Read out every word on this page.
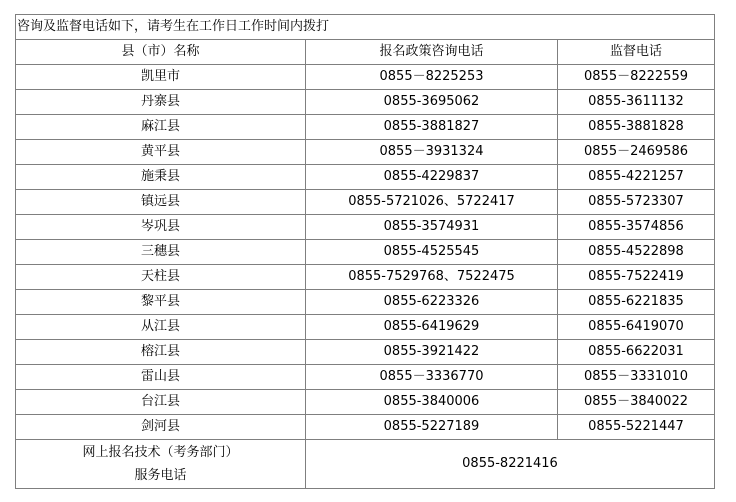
咨询及监督电话如下，请考生在工作日工作时间内拨打		
县（市）名称	报名政策咨询电话	监督电话
凯里市	0855－8225253	0855－8222559
丹寨县	0855-3695062	0855-3611132
麻江县	0855-3881827	0855-3881828
黄平县	0855－3931324	0855－2469586
施秉县	0855-4229837	0855-4221257
镇远县	0855-5721026、5722417	0855-5723307
岑巩县	0855-3574931	0855-3574856
三穗县	0855-4525545	0855-4522898
天柱县	0855-7529768、7522475	0855-7522419
黎平县	0855-6223326	0855-6221835
从江县	0855-6419629	0855-6419070
榕江县	0855-3921422	0855-6622031
雷山县	0855－3336770	0855－3331010
台江县	0855-3840006	0855－3840022
剑河县	0855-5227189	0855-5221447

网上报名技术（考务部门）
服务电话	0855-8221416	
